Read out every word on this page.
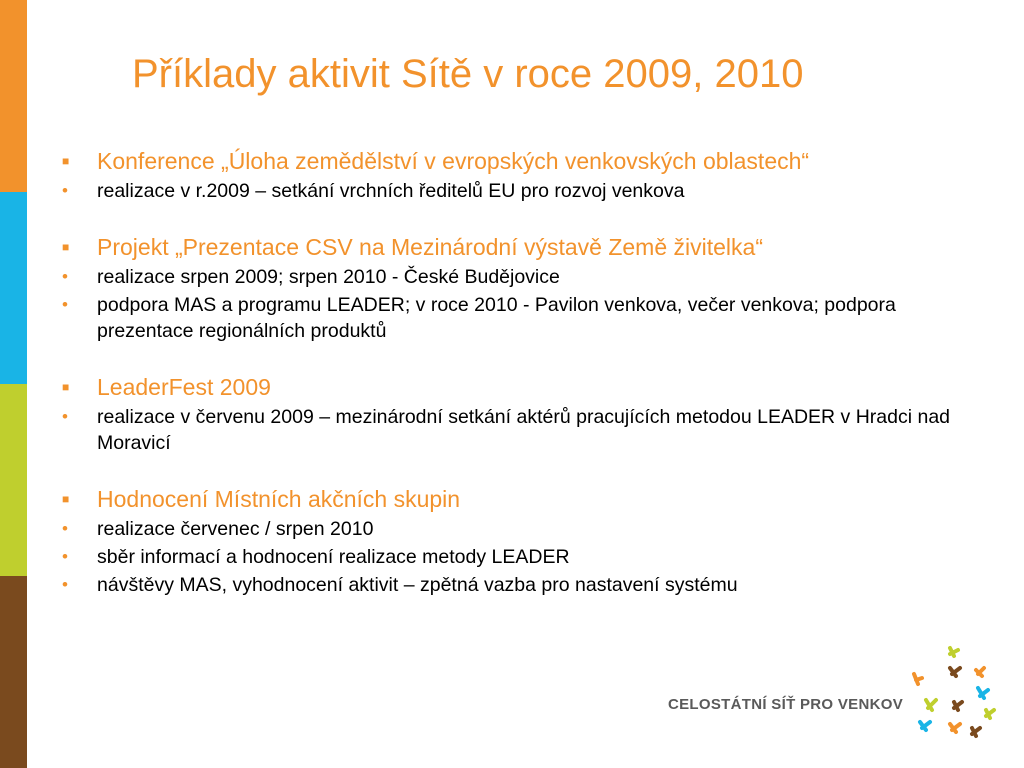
Příklady aktivit Sítě v roce 2009, 2010
■	Konference „Úloha zemědělství v evropských venkovských oblastech“
•	realizace v r.2009 – setkání vrchních ředitelů EU pro rozvoj venkova
■	Projekt „Prezentace CSV na Mezinárodní výstavě Země živitelka“
•	realizace srpen 2009; srpen 2010 - České Budějovice
•	podpora MAS a programu LEADER; v roce 2010 - Pavilon venkova, večer venkova; podpora prezentace regionálních produktů
■	LeaderFest 2009
•	realizace v červenu 2009 – mezinárodní setkání aktérů pracujících metodou LEADER v Hradci nad Moravicí
■	Hodnocení Místních akčních skupin
•	realizace červenec / srpen 2010
•	sběr informací a hodnocení realizace metody LEADER
•	návštěvy MAS, vyhodnocení aktivit – zpětná vazba pro nastavení systému
CELOSTÁTNÍ SÍŤ PRO VENKOV
